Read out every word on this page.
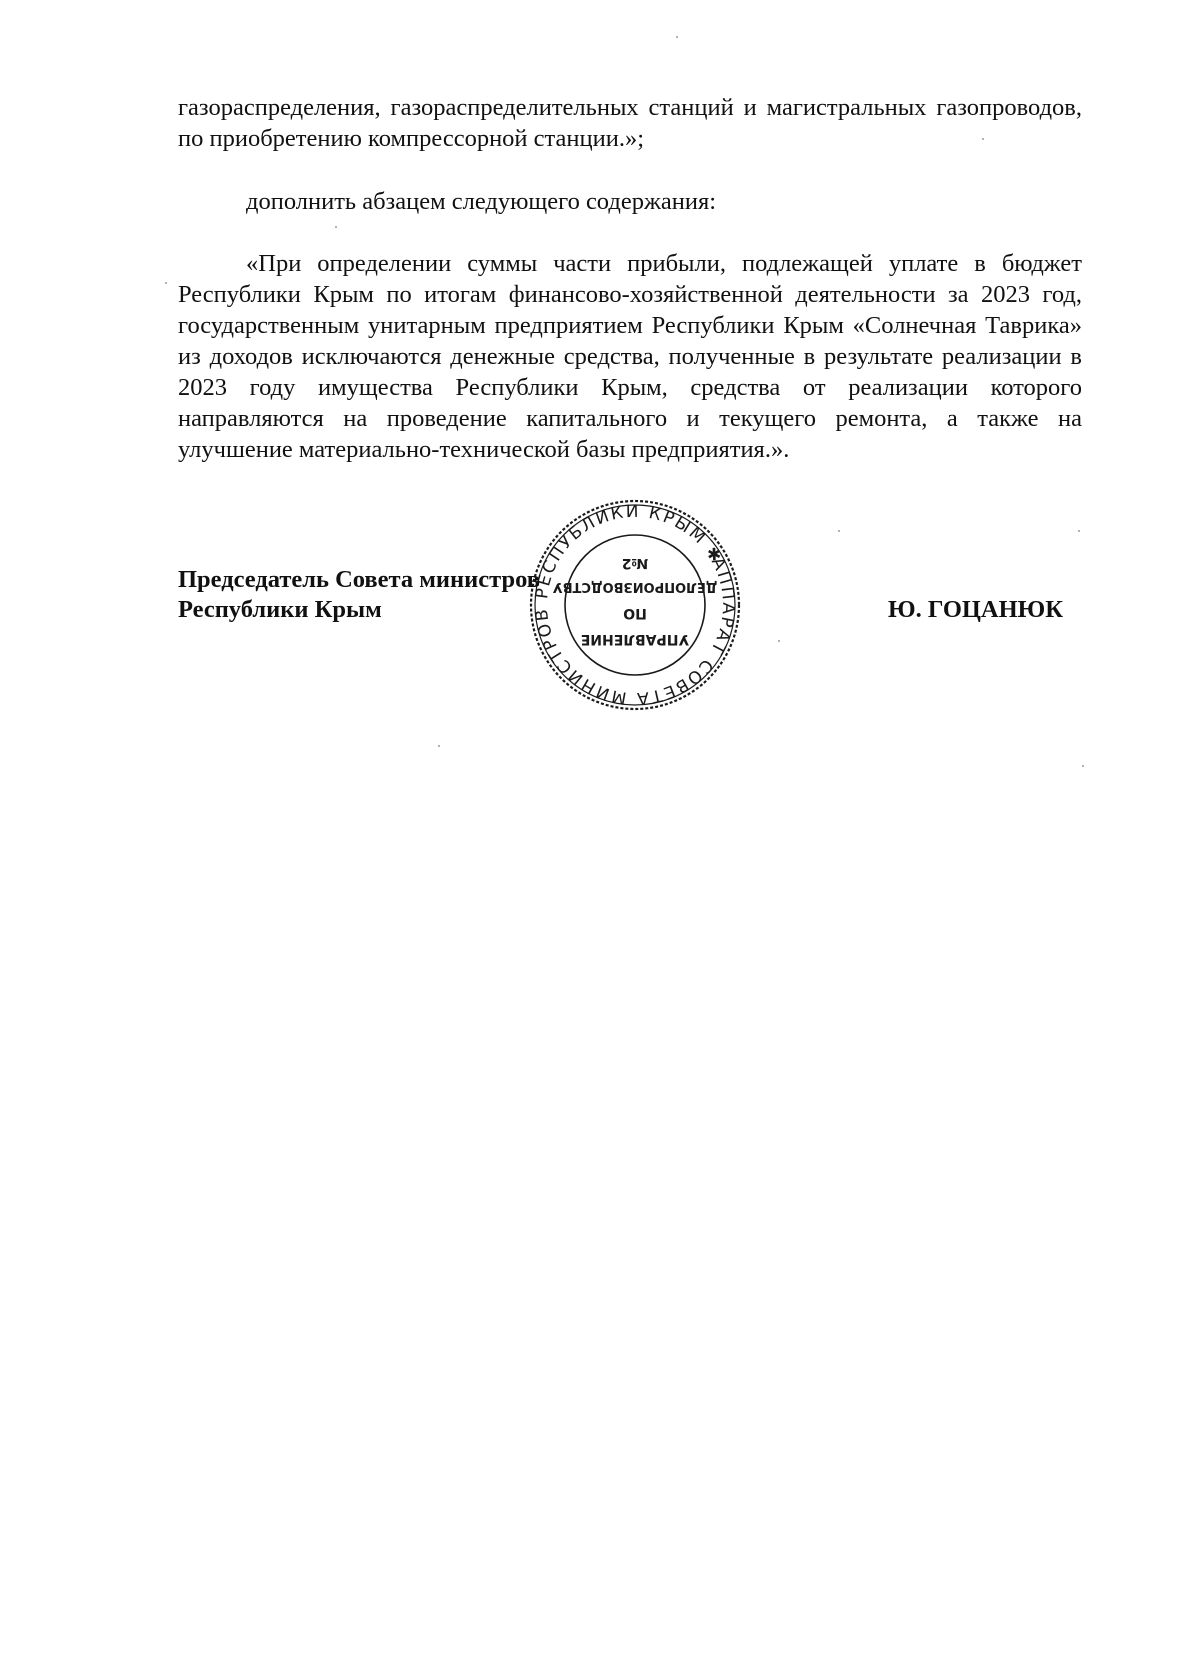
газораспределения, газораспределительных станций и магистральных газопроводов, по приобретению компрессорной станции.»;

дополнить абзацем следующего содержания:

«При определении суммы части прибыли, подлежащей уплате в бюджет Республики Крым по итогам финансово-хозяйственной деятельности за 2023 год, государственным унитарным предприятием Республики Крым «Солнечная Таврика» из доходов исключаются денежные средства, полученные в результате реализации в 2023 году имущества Республики Крым, средства от реализации которого направляются на проведение капитального и текущего ремонта, а также на улучшение материально-технической базы предприятия.».

АППАРАТ СОВЕТА МИНИСТРОВ РЕСПУБЛИКИ КРЫМ ✱
УПРАВЛЕНИЕ
ПО
ДЕЛОПРОИЗВОДСТВУ
№2
Председатель Совета министров
Республики Крым	Ю. ГОЦАНЮК
